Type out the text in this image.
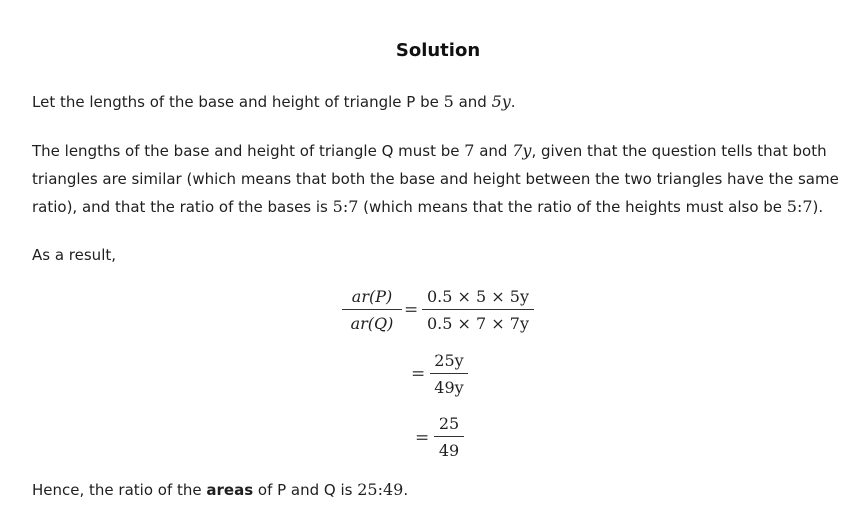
Solution

Let the lengths of the base and height of triangle P be 5 and 5y.

The lengths of the base and height of triangle Q must be 7 and 7y, given that the question tells that both triangles are similar (which means that both the base and height between the two triangles have the same ratio), and that the ratio of the bases is 5:7 (which means that the ratio of the heights must also be 5:7).

As a result,

ar(P)
ar(Q)
=
0.5 × 5 × 5y
0.5 × 7 × 7y
=
25y
49y
=
25
49

Hence, the ratio of the areas of P and Q is 25:49.
